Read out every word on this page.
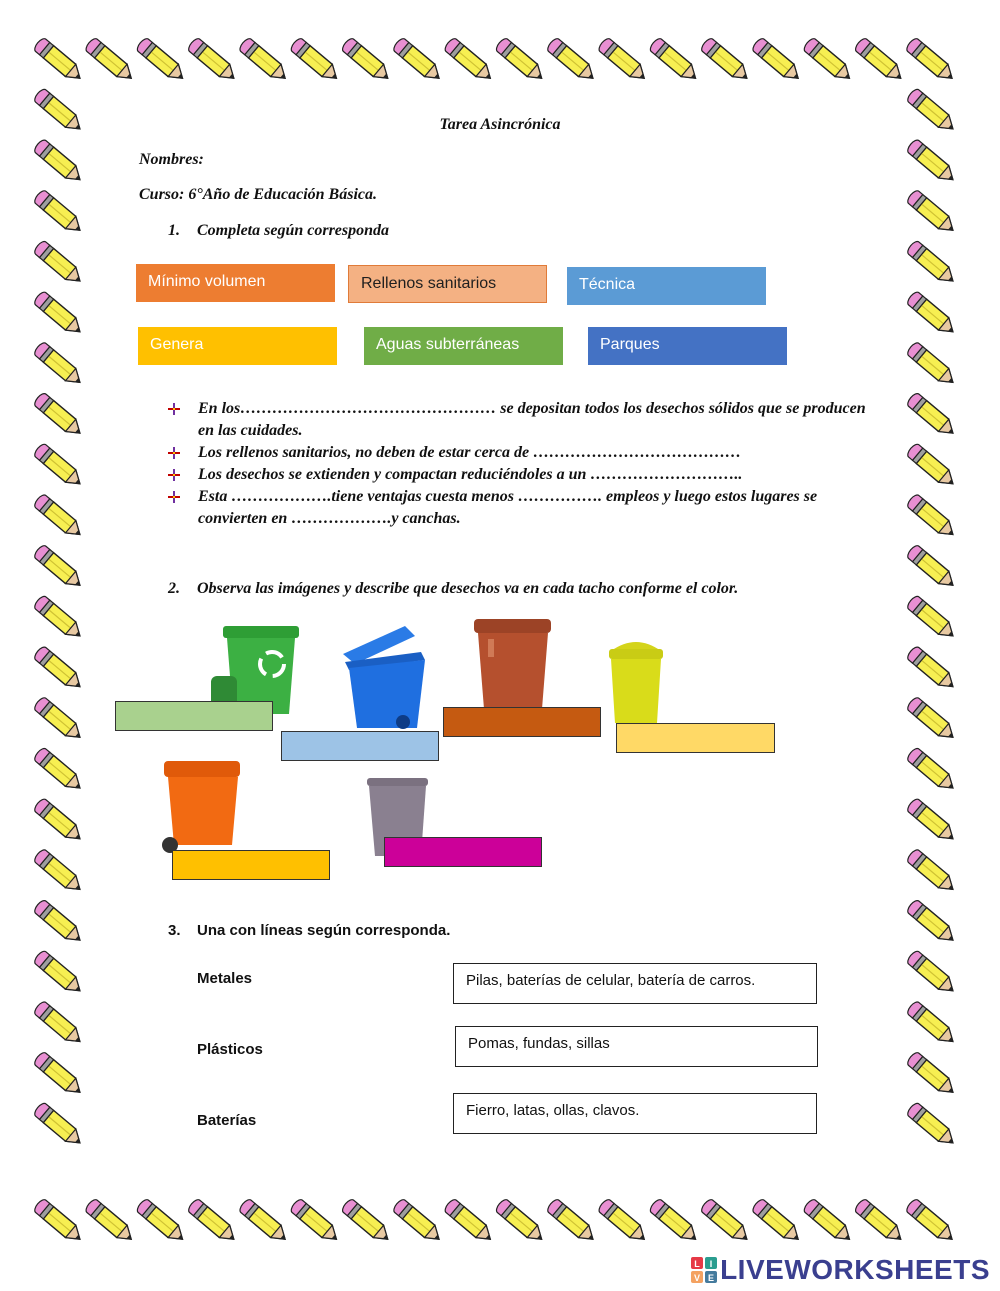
Tarea Asincrónica
Nombres:
Curso: 6°Año de Educación Básica.
1. Completa según corresponda
Mínimo volumen	Rellenos sanitarios	Técnica
Genera	Aguas subterráneas	Parques
En los………………………………………… se depositan todos los desechos sólidos que se producen en las cuidades.
Los rellenos sanitarios, no deben de estar cerca de …………………………………
Los desechos se extienden y compactan reduciéndoles a un ………………………..
Esta ……………….tiene ventajas cuesta menos ……………. empleos y luego estos lugares se convierten en ……………….y canchas.
2. Observa las imágenes y describe que desechos va en cada tacho conforme el color.
3. Una con líneas según corresponda.
Metales
Plásticos
Baterías
Pilas, baterías de celular, batería de carros.
Pomas, fundas, sillas
Fierro, latas, ollas, clavos.
L I
V E LIVEWORKSHEETS
